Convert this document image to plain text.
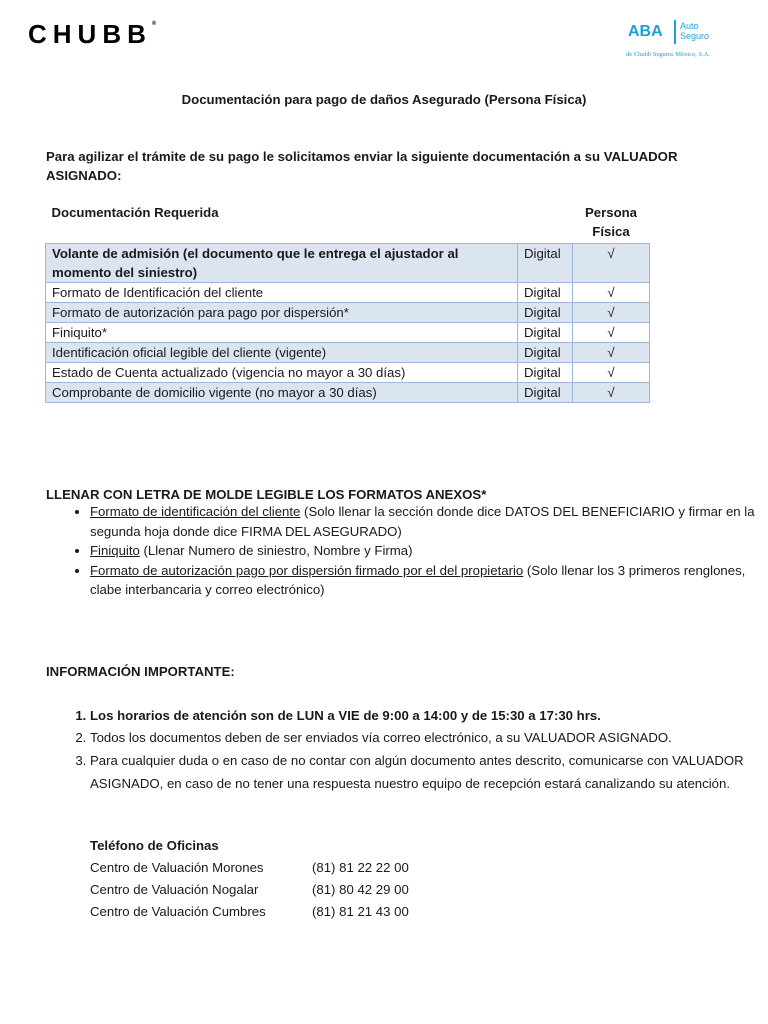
CHUBB®	ABA Auto
Seguro
de Chubb Seguros México, S.A.
Documentación para pago de daños Asegurado (Persona Física)
Para agilizar el trámite de su pago le solicitamos enviar la siguiente documentación a su VALUADOR ASIGNADO:
Documentación Requerida		Persona
Física
Volante de admisión (el documento que le entrega el ajustador al momento del siniestro)	Digital	√
Formato de Identificación del cliente	Digital	√
Formato de autorización para pago por dispersión*	Digital	√
Finiquito*	Digital	√
Identificación oficial legible del cliente (vigente)	Digital	√
Estado de Cuenta actualizado (vigencia no mayor a 30 días)	Digital	√
Comprobante de domicilio vigente (no mayor a 30 días)	Digital	√
LLENAR CON LETRA DE MOLDE LEGIBLE LOS FORMATOS ANEXOS*
• Formato de identificación del cliente (Solo llenar la sección donde dice DATOS DEL BENEFICIARIO y firmar en la segunda hoja donde dice FIRMA DEL ASEGURADO)
• Finiquito (Llenar Numero de siniestro, Nombre y Firma)
• Formato de autorización pago por dispersión firmado por el del propietario (Solo llenar los 3 primeros renglones, clabe interbancaria y correo electrónico)
INFORMACIÓN IMPORTANTE:
1. Los horarios de atención son de LUN a VIE de 9:00 a 14:00 y de 15:30 a 17:30 hrs.
2. Todos los documentos deben de ser enviados vía correo electrónico, a su VALUADOR ASIGNADO.
3. Para cualquier duda o en caso de no contar con algún documento antes descrito, comunicarse con VALUADOR ASIGNADO, en caso de no tener una respuesta nuestro equipo de recepción estará canalizando su atención.
Teléfono de Oficinas
Centro de Valuación Morones	(81) 81 22 22 00
Centro de Valuación Nogalar	(81) 80 42 29 00
Centro de Valuación Cumbres	(81) 81 21 43 00
